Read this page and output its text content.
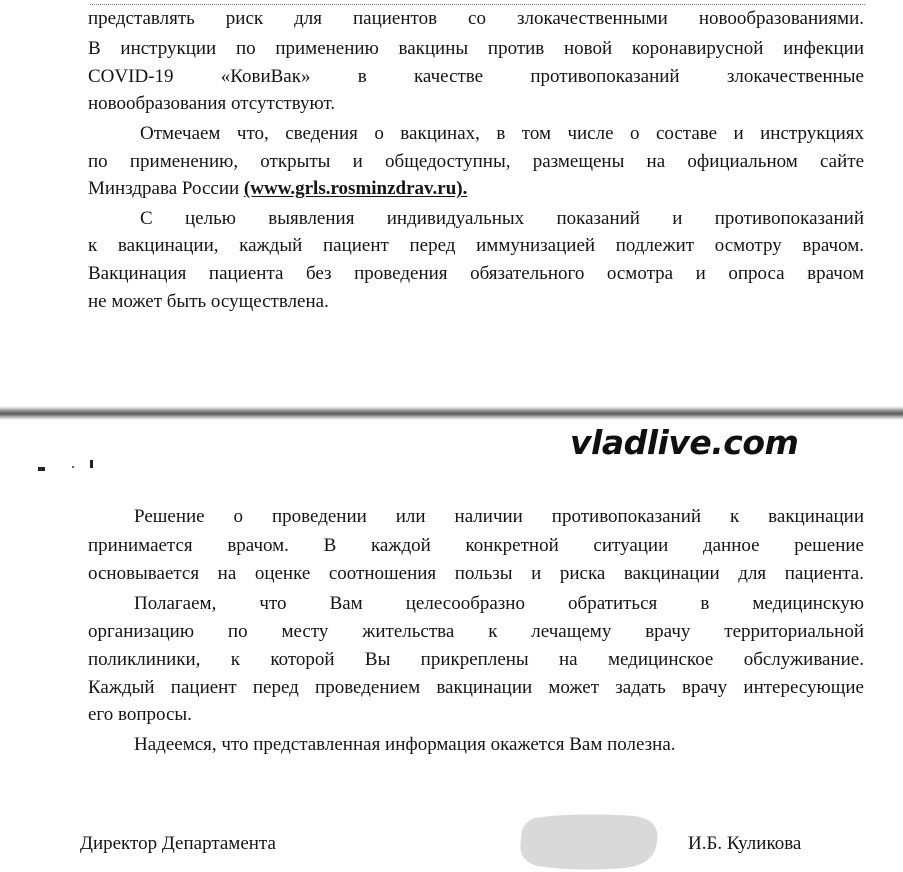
представлять риск для пациентов со злокачественными новообразованиями.
В инструкции по применению вакцины против новой коронавирусной инфекции
COVID-19 «КовиВак» в качестве противопоказаний злокачественные
новообразования отсутствуют.
Отмечаем что, сведения о вакцинах, в том числе о составе и инструкциях
по применению, открыты и общедоступны, размещены на официальном сайте
Минздрава России (www.grls.rosminzdrav.ru).
С целью выявления индивидуальных показаний и противопоказаний
к вакцинации, каждый пациент перед иммунизацией подлежит осмотру врачом.
Вакцинация пациента без проведения обязательного осмотра и опроса врачом
не может быть осуществлена.
Решение о проведении или наличии противопоказаний к вакцинации
принимается врачом. В каждой конкретной ситуации данное решение
основывается на оценке соотношения пользы и риска вакцинации для пациента.
Полагаем, что Вам целесообразно обратиться в медицинскую
организацию по месту жительства к лечащему врачу территориальной
поликлиники, к которой Вы прикреплены на медицинское обслуживание.
Каждый пациент перед проведением вакцинации может задать врачу интересующие
его вопросы.
Надеемся, что представленная информация окажется Вам полезна.
vladlive.com
Директор Департамента	И.Б. Куликова
